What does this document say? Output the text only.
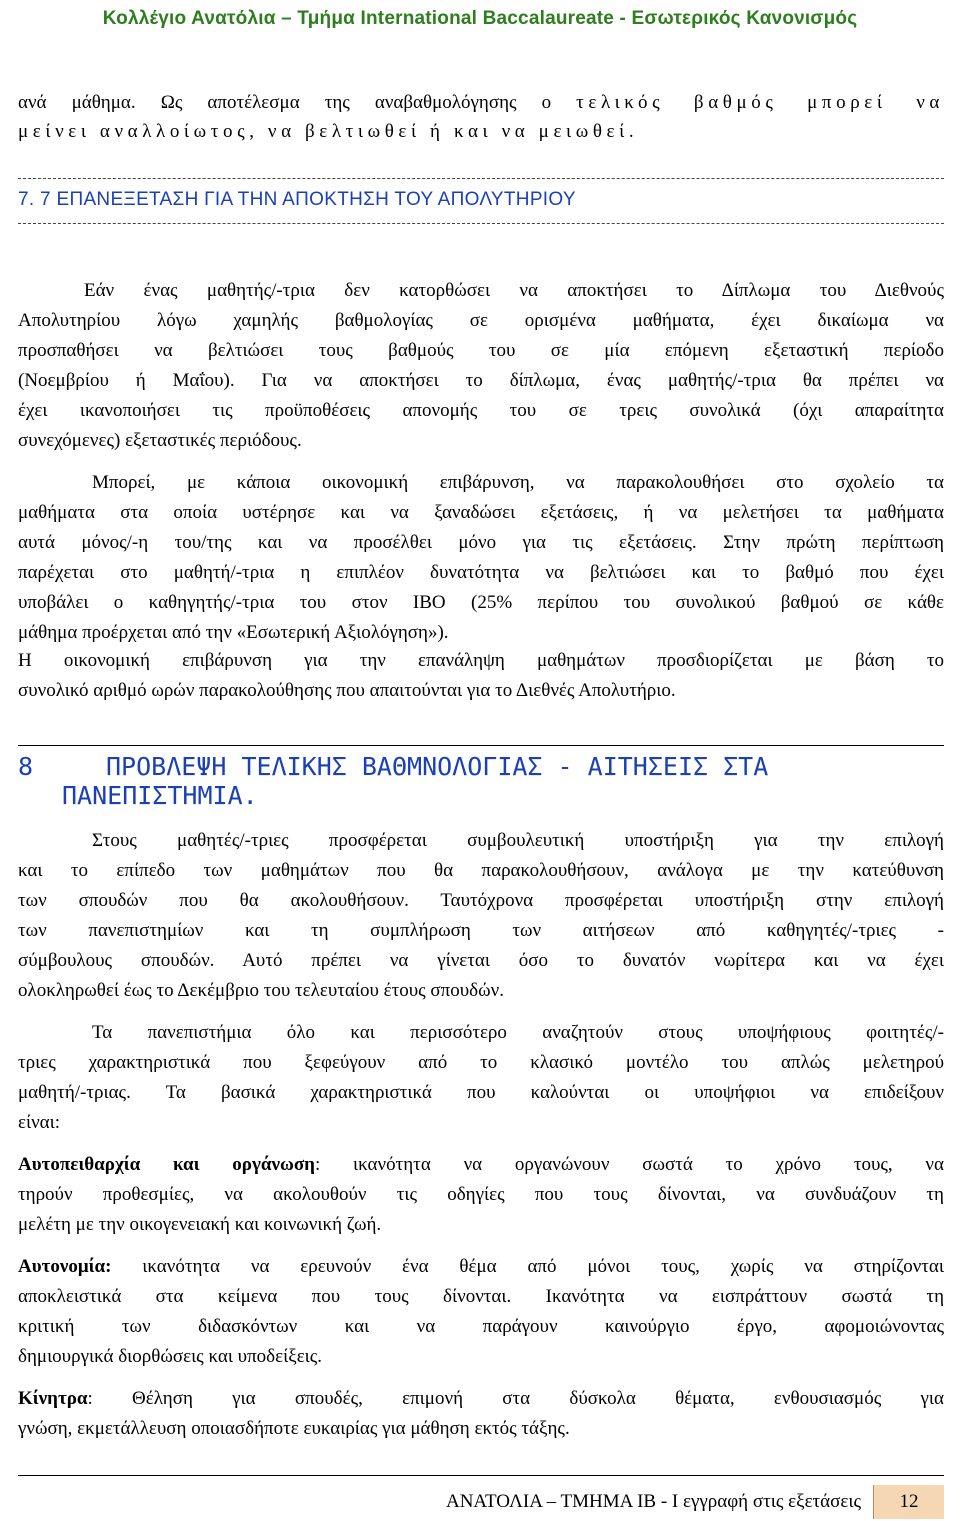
Κολλέγιο Ανατόλια – Τμήμα International Baccalaureate - Εσωτερικός Κανονισμός
ανά μάθημα. Ως αποτέλεσμα της αναβαθμολόγησης ο τελικός βαθμός μπορεί να
μείνει αναλλοίωτος, να βελτιωθεί ή και να μειωθεί.
7. 7 ΕΠΑΝΕΞΕΤΑΣΗ ΓΙΑ ΤΗΝ ΑΠΟΚΤΗΣΗ ΤΟΥ ΑΠΟΛΥΤΗΡΙΟΥ
Εάν ένας μαθητής/-τρια δεν κατορθώσει να αποκτήσει το Δίπλωμα του Διεθνούς
Απολυτηρίου λόγω χαμηλής βαθμολογίας σε ορισμένα μαθήματα, έχει δικαίωμα να
προσπαθήσει να βελτιώσει τους βαθμούς του σε μία επόμενη εξεταστική περίοδο
(Νοεμβρίου ή Μαΐου). Για να αποκτήσει το δίπλωμα, ένας μαθητής/-τρια θα πρέπει να
έχει ικανοποιήσει τις προϋποθέσεις απονομής του σε τρεις συνολικά (όχι απαραίτητα
συνεχόμενες) εξεταστικές περιόδους.
Μπορεί, με κάποια οικονομική επιβάρυνση, να παρακολουθήσει στο σχολείο τα
μαθήματα στα οποία υστέρησε και να ξαναδώσει εξετάσεις, ή να μελετήσει τα μαθήματα
αυτά μόνος/-η του/της και να προσέλθει μόνο για τις εξετάσεις. Στην πρώτη περίπτωση
παρέχεται στο μαθητή/-τρια η επιπλέον δυνατότητα να βελτιώσει και το βαθμό που έχει
υποβάλει ο καθηγητής/-τρια του στον ΙΒΟ (25% περίπου του συνολικού βαθμού σε κάθε
μάθημα προέρχεται από την «Εσωτερική Αξιολόγηση»).
Η οικονομική επιβάρυνση για την επανάληψη μαθημάτων προσδιορίζεται με βάση το
συνολικό αριθμό ωρών παρακολούθησης που απαιτούνται για το Διεθνές Απολυτήριο.
8	ΠΡΟΒΛΕΨΗ ΤΕΛΙΚΗΣ ΒΑΘΜΝΟΛΟΓΙΑΣ - ΑΙΤΗΣΕΙΣ ΣΤΑ
ΠΑΝΕΠΙΣΤΗΜΙΑ.
Στους μαθητές/-τριες προσφέρεται συμβουλευτική υποστήριξη για την επιλογή
και το επίπεδο των μαθημάτων που θα παρακολουθήσουν, ανάλογα με την κατεύθυνση
των σπουδών που θα ακολουθήσουν. Ταυτόχρονα προσφέρεται υποστήριξη στην επιλογή
των πανεπιστημίων και τη συμπλήρωση των αιτήσεων από καθηγητές/-τριες -
σύμβουλους σπουδών. Αυτό πρέπει να γίνεται όσο το δυνατόν νωρίτερα και να έχει
ολοκληρωθεί έως το Δεκέμβριο του τελευταίου έτους σπουδών.
Τα πανεπιστήμια όλο και περισσότερο αναζητούν στους υποψήφιους φοιτητές/-
τριες χαρακτηριστικά που ξεφεύγουν από το κλασικό μοντέλο του απλώς μελετηρού
μαθητή/-τριας. Τα βασικά χαρακτηριστικά που καλούνται οι υποψήφιοι να επιδείξουν
είναι:
Αυτοπειθαρχία και οργάνωση: ικανότητα να οργανώνουν σωστά το χρόνο τους, να
τηρούν προθεσμίες, να ακολουθούν τις οδηγίες που τους δίνονται, να συνδυάζουν τη
μελέτη με την οικογενειακή και κοινωνική ζωή.
Αυτονομία: ικανότητα να ερευνούν ένα θέμα από μόνοι τους, χωρίς να στηρίζονται
αποκλειστικά στα κείμενα που τους δίνονται. Ικανότητα να εισπράττουν σωστά τη
κριτική των διδασκόντων και να παράγουν καινούργιο έργο, αφομοιώνοντας
δημιουργικά διορθώσεις και υποδείξεις.
Κίνητρα: Θέληση για σπουδές, επιμονή στα δύσκολα θέματα, ενθουσιασμός για
γνώση, εκμετάλλευση οποιασδήποτε ευκαιρίας για μάθηση εκτός τάξης.
ΑΝΑΤΟΛΙΑ – ΤΜΗΜΑ ΙΒ - Ι εγγραφή στις εξετάσεις	12
